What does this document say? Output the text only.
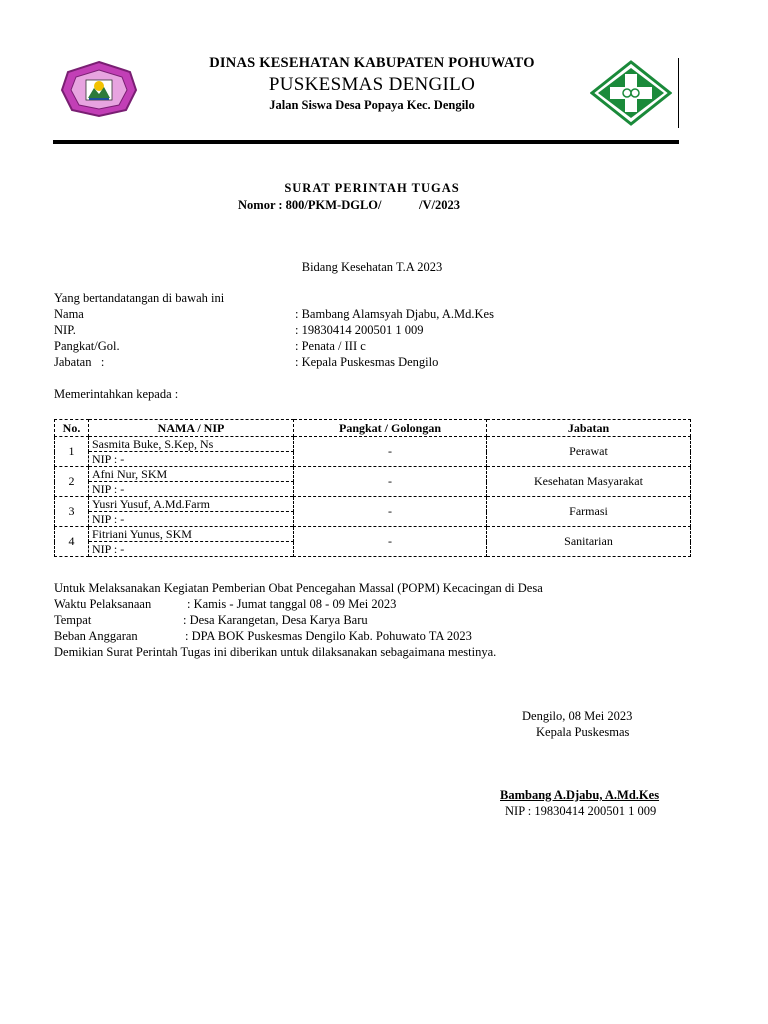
DINAS KESEHATAN KABUPATEN POHUWATO
PUSKESMAS DENGILO
Jalan Siswa Desa Popaya Kec. Dengilo
SURAT PERINTAH TUGAS
Nomor : 800/PKM-DGLO/            /V/2023
Bidang Kesehatan T.A 2023
Yang bertandatangan di bawah ini
Nama	: Bambang Alamsyah Djabu, A.Md.Kes
NIP.	: 19830414 200501 1 009
Pangkat/Gol.	: Penata / III c
Jabatan   :	: Kepala Puskesmas Dengilo
Memerintahkan kepada :
No.	NAMA / NIP	Pangkat / Golongan	Jabatan
1	Sasmita Buke, S.Kep, Ns	-	Perawat
	NIP : -		
2	Afni Nur, SKM	-	Kesehatan Masyarakat
	NIP : -		
3	Yusri Yusuf, A.Md.Farm	-	Farmasi
	NIP : -		
4	Fitriani Yunus, SKM	-	Sanitarian
	NIP : -		
Untuk Melaksanakan Kegiatan Pemberian Obat Pencegahan Massal (POPM) Kecacingan di Desa
Waktu Pelaksanaan	: Kamis - Jumat tanggal 08 - 09 Mei 2023
Tempat	: Desa Karangetan, Desa Karya Baru
Beban Anggaran	: DPA BOK Puskesmas Dengilo Kab. Pohuwato TA 2023
Demikian Surat Perintah Tugas ini diberikan untuk dilaksanakan sebagaimana mestinya.
Dengilo, 08 Mei 2023
Kepala Puskesmas
Bambang A.Djabu, A.Md.Kes
NIP : 19830414 200501 1 009
